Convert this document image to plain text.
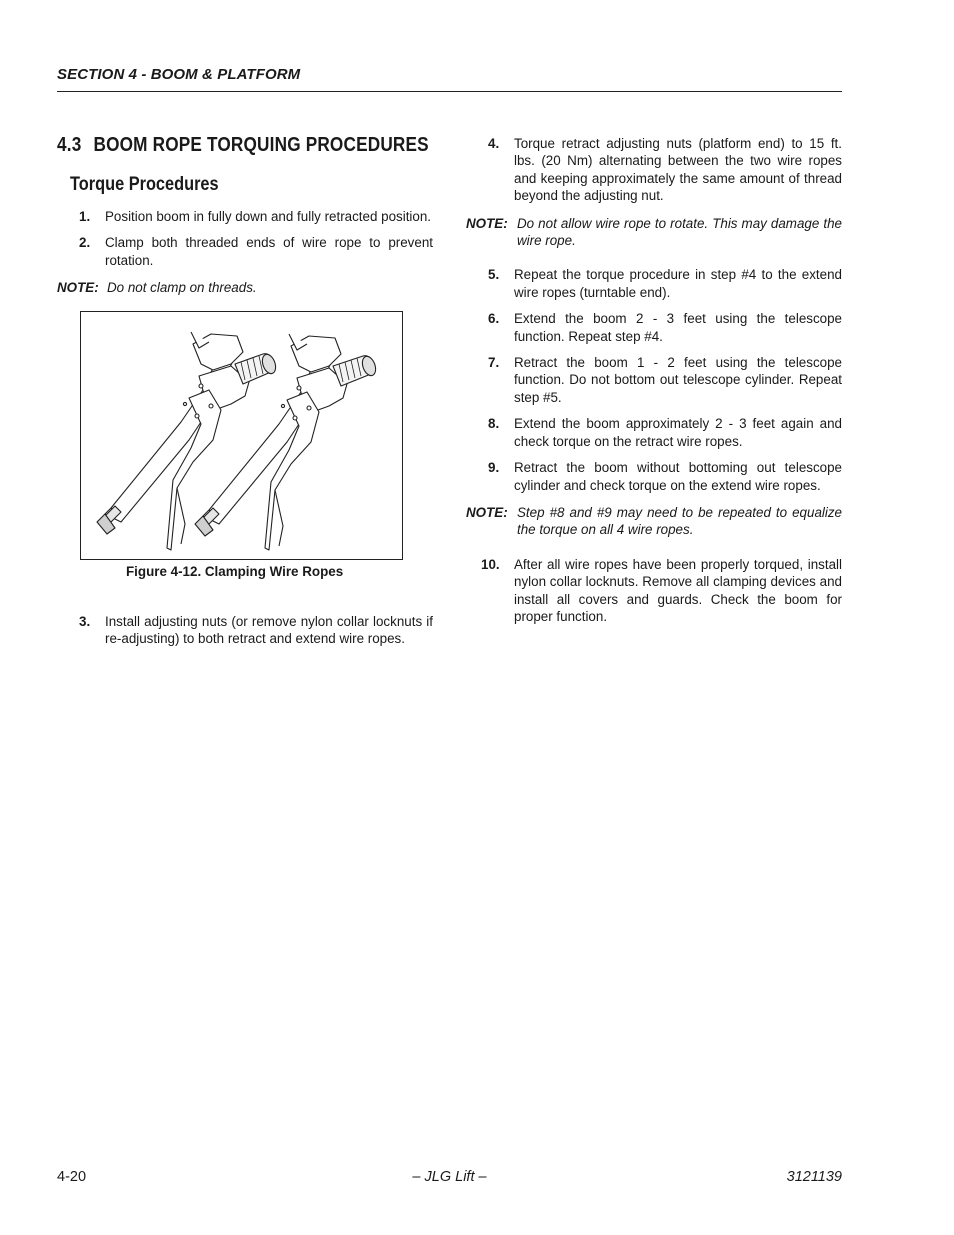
SECTION 4 - BOOM & PLATFORM
4.3 BOOM ROPE TORQUING PROCEDURES
Torque Procedures
1. Position boom in fully down and fully retracted position.
2. Clamp both threaded ends of wire rope to prevent rotation.
NOTE: Do not clamp on threads.
Figure 4-12. Clamping Wire Ropes
3. Install adjusting nuts (or remove nylon collar locknuts if re-adjusting) to both retract and extend wire ropes.
4. Torque retract adjusting nuts (platform end) to 15 ft. lbs. (20 Nm) alternating between the two wire ropes and keeping approximately the same amount of thread beyond the adjusting nut.
NOTE: Do not allow wire rope to rotate. This may damage the wire rope.
5. Repeat the torque procedure in step #4 to the extend wire ropes (turntable end).
6. Extend the boom 2 - 3 feet using the telescope function. Repeat step #4.
7. Retract the boom 1 - 2 feet using the telescope function. Do not bottom out telescope cylinder. Repeat step #5.
8. Extend the boom approximately 2 - 3 feet again and check torque on the retract wire ropes.
9. Retract the boom without bottoming out telescope cylinder and check torque on the extend wire ropes.
NOTE: Step #8 and #9 may need to be repeated to equalize the torque on all 4 wire ropes.
10. After all wire ropes have been properly torqued, install nylon collar locknuts. Remove all clamping devices and install all covers and guards. Check the boom for proper function.
4-20	– JLG Lift –	3121139
